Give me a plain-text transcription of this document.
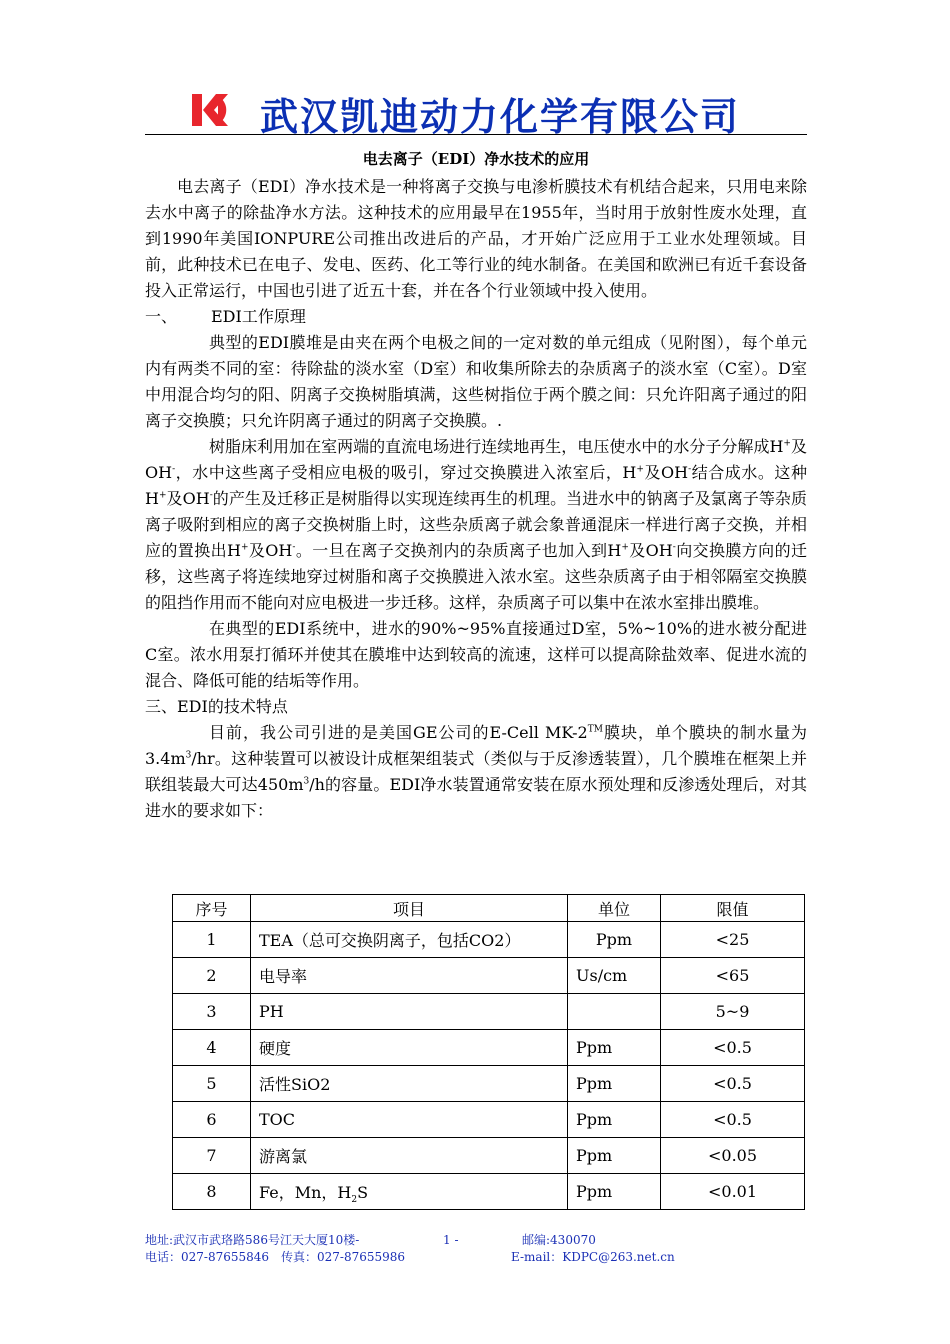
武汉凯迪动力化学有限公司
电去离子（EDI）净水技术的应用

电去离子（EDI）净水技术是一种将离子交换与电渗析膜技术有机结合起来，只用电来除去水中离子的除盐净水方法。这种技术的应用最早在1955年，当时用于放射性废水处理，直到1990年美国IONPURE公司推出改进后的产品，才开始广泛应用于工业水处理领域。目前，此种技术已在电子、发电、医药、化工等行业的纯水制备。在美国和欧洲已有近千套设备投入正常运行，中国也引进了近五十套，并在各个行业领域中投入使用。

一、 EDI工作原理

典型的EDI膜堆是由夹在两个电极之间的一定对数的单元组成（见附图），每个单元内有两类不同的室：待除盐的淡水室（D室）和收集所除去的杂质离子的淡水室（C室）。D室中用混合均匀的阳、阴离子交换树脂填满，这些树指位于两个膜之间：只允许阳离子通过的阳离子交换膜；只允许阴离子通过的阴离子交换膜。.

树脂床利用加在室两端的直流电场进行连续地再生，电压使水中的水分子分解成H+及OH-，水中这些离子受相应电极的吸引，穿过交换膜进入浓室后，H+及OH-结合成水。这种H+及OH-的产生及迁移正是树脂得以实现连续再生的机理。当进水中的钠离子及氯离子等杂质离子吸附到相应的离子交换树脂上时，这些杂质离子就会象普通混床一样进行离子交换，并相应的置换出H+及OH-。一旦在离子交换剂内的杂质离子也加入到H+及OH-向交换膜方向的迁移，这些离子将连续地穿过树脂和离子交换膜进入浓水室。这些杂质离子由于相邻隔室交换膜的阻挡作用而不能向对应电极进一步迁移。这样，杂质离子可以集中在浓水室排出膜堆。

在典型的EDI系统中，进水的90%~95%直接通过D室，5%~10%的进水被分配进C室。浓水用泵打循环并使其在膜堆中达到较高的流速，这样可以提高除盐效率、促进水流的混合、降低可能的结垢等作用。

三、EDI的技术特点

目前，我公司引进的是美国GE公司的E-Cell MK-2™膜块，单个膜块的制水量为$3.4m^3/hr$。这种装置可以被设计成框架组装式（类似与于反渗透装置），几个膜堆在框架上并联组装最大可达$450m^3/h$的容量。EDI净水装置通常安装在原水预处理和反渗透处理后，对其进水的要求如下：

序号	项目	单位	限值
1	TEA（总可交换阴离子，包括CO2）	Ppm	<25
2	电导率	Us/cm	<65
3	PH		5~9
4	硬度	Ppm	<0.5
5	活性SiO2	Ppm	<0.5
6	TOC	Ppm	<0.5
7	游离氯	Ppm	<0.05
8	Fe，Mn，$H_2S$	Ppm	<0.01
地址:武汉市武珞路586号江天大厦10楼-	1 -	邮编:430070
电话：027-87655846 传真：027-87655986	E-mail：KDPC@263.net.cn
